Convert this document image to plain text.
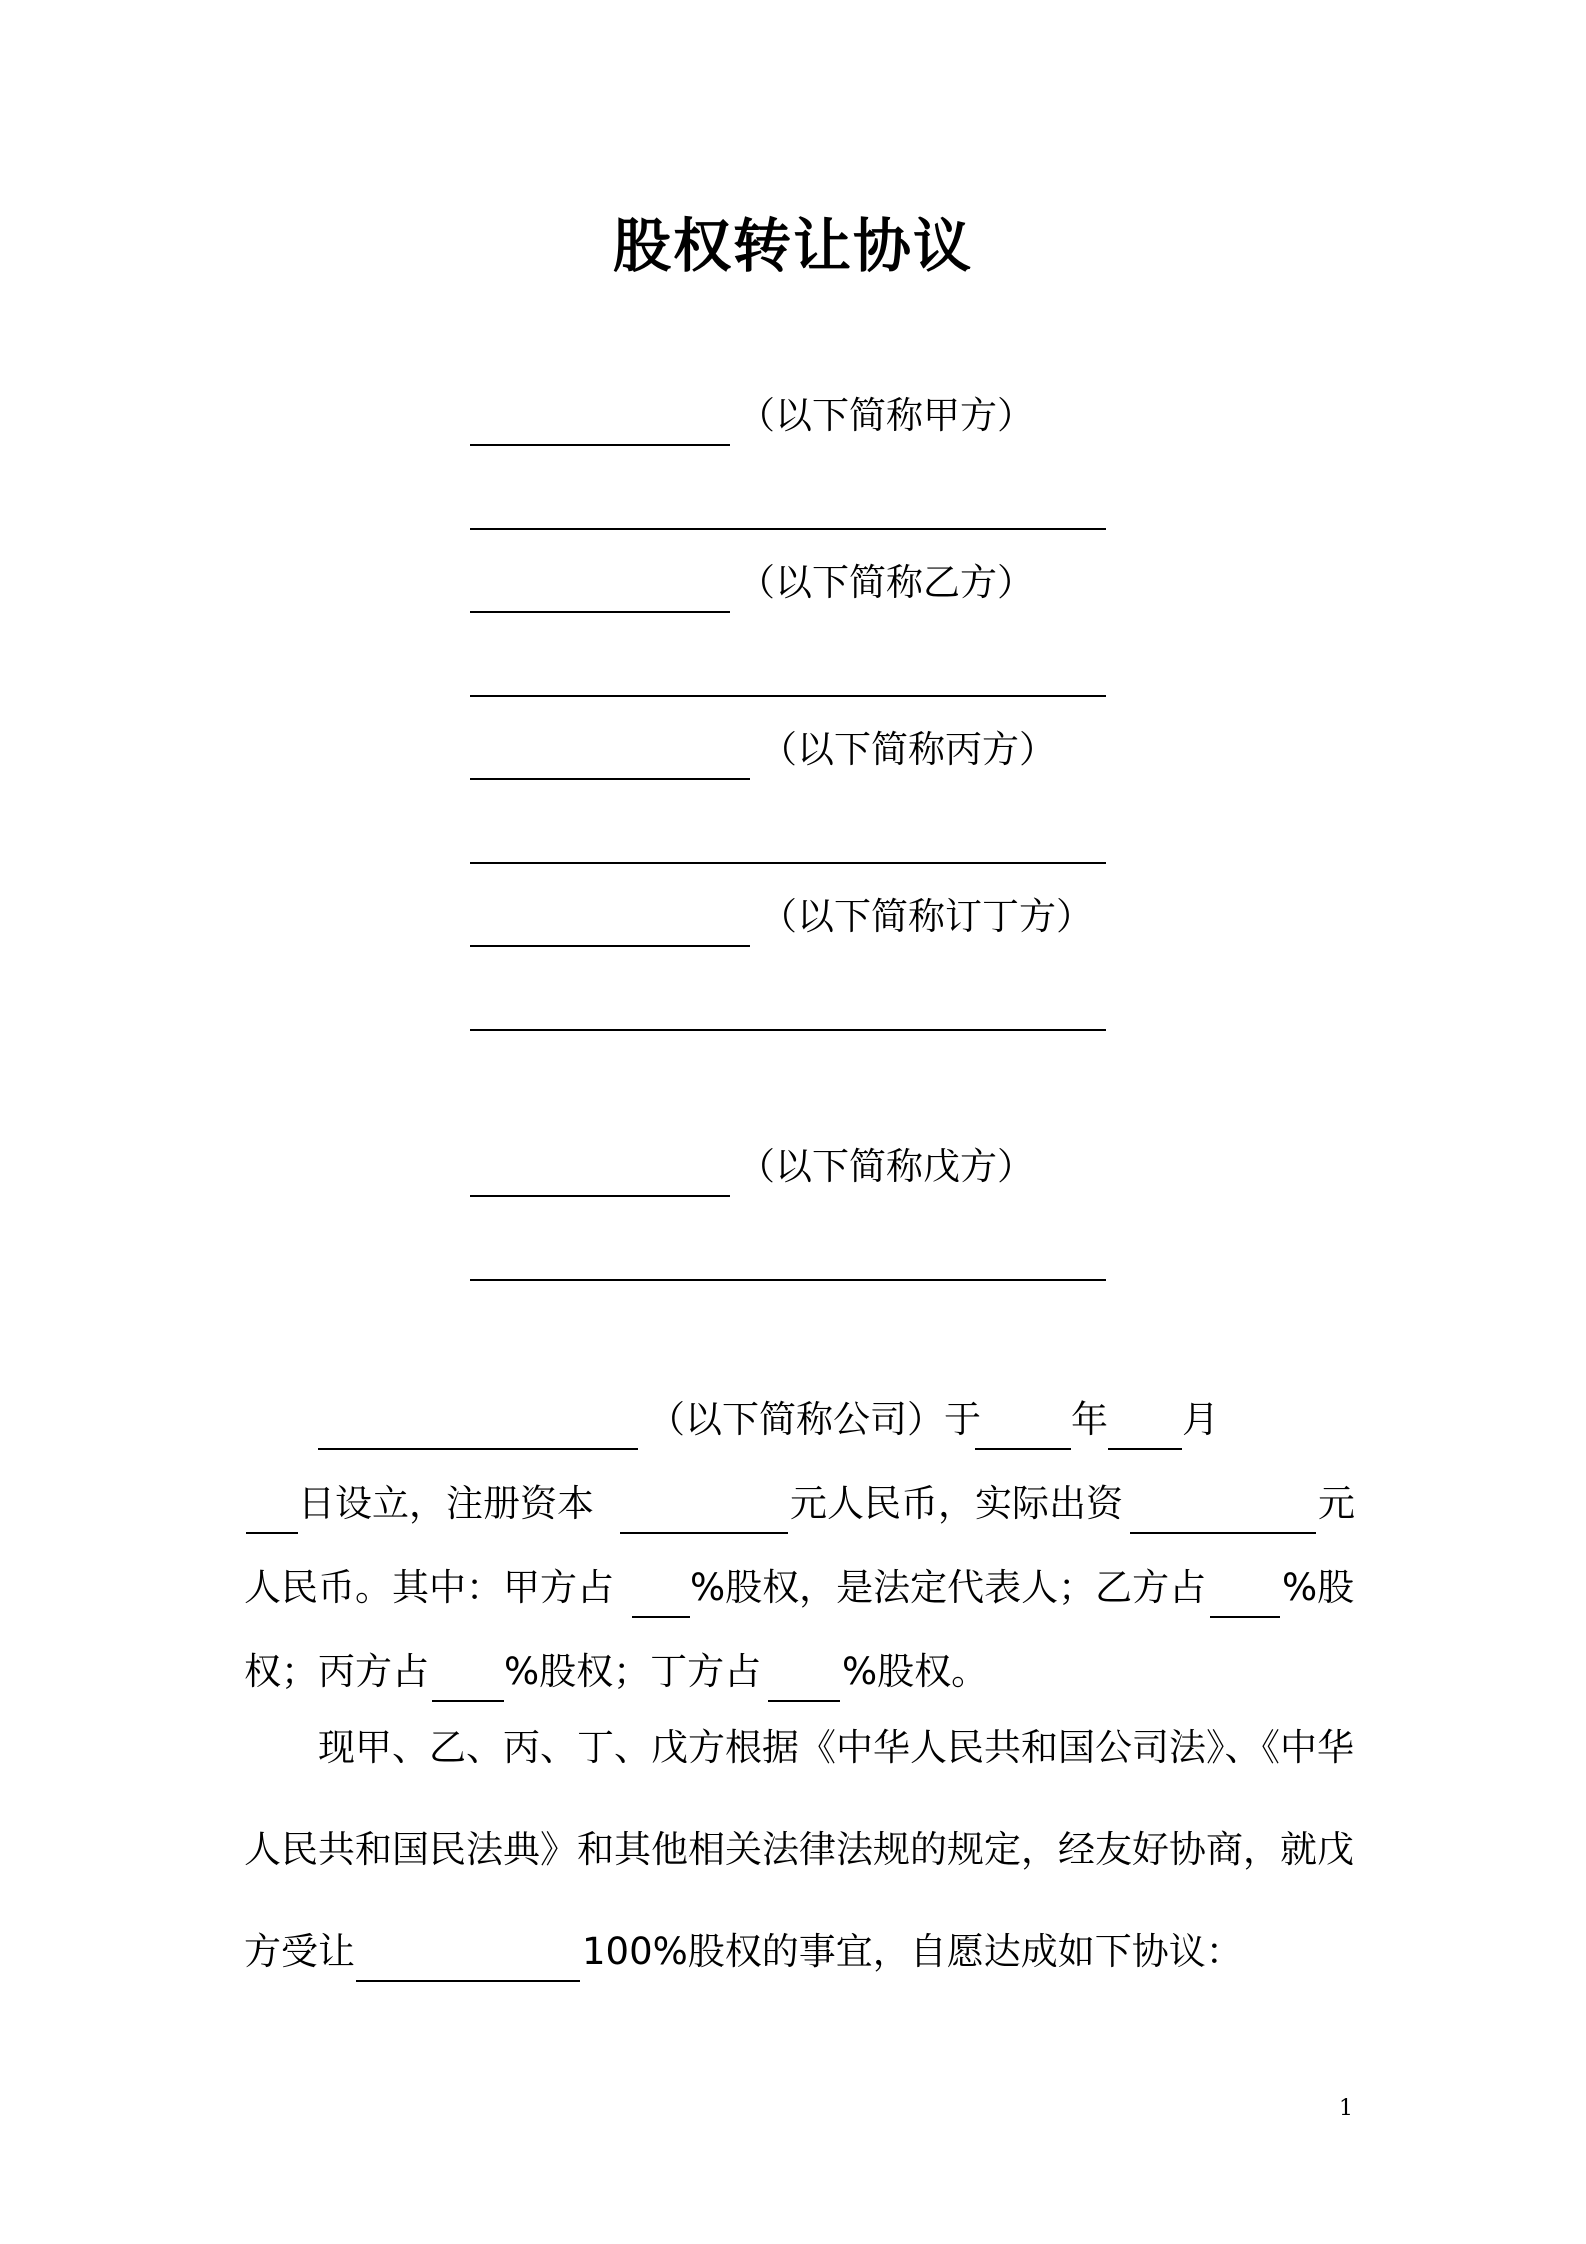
股权转让协议
（以下简称甲方）
（以下简称乙方）
（以下简称丙方）
（以下简称订丁方）
（以下简称戊方）
（以下简称公司）于 年 月
日设立，注册资本	元人民币，实际出资	元
人民币。其中：甲方占 %股权，是法定代表人；乙方占 %股
权；丙方占 %股权；丁方占 %股权。
现甲、乙、丙、丁、戊方根据《中华人民共和国公司法》、《中华
人民共和国民法典》和其他相关法律法规的规定，经友好协商，就戊
方受让	100%股权的事宜，自愿达成如下协议：
1
